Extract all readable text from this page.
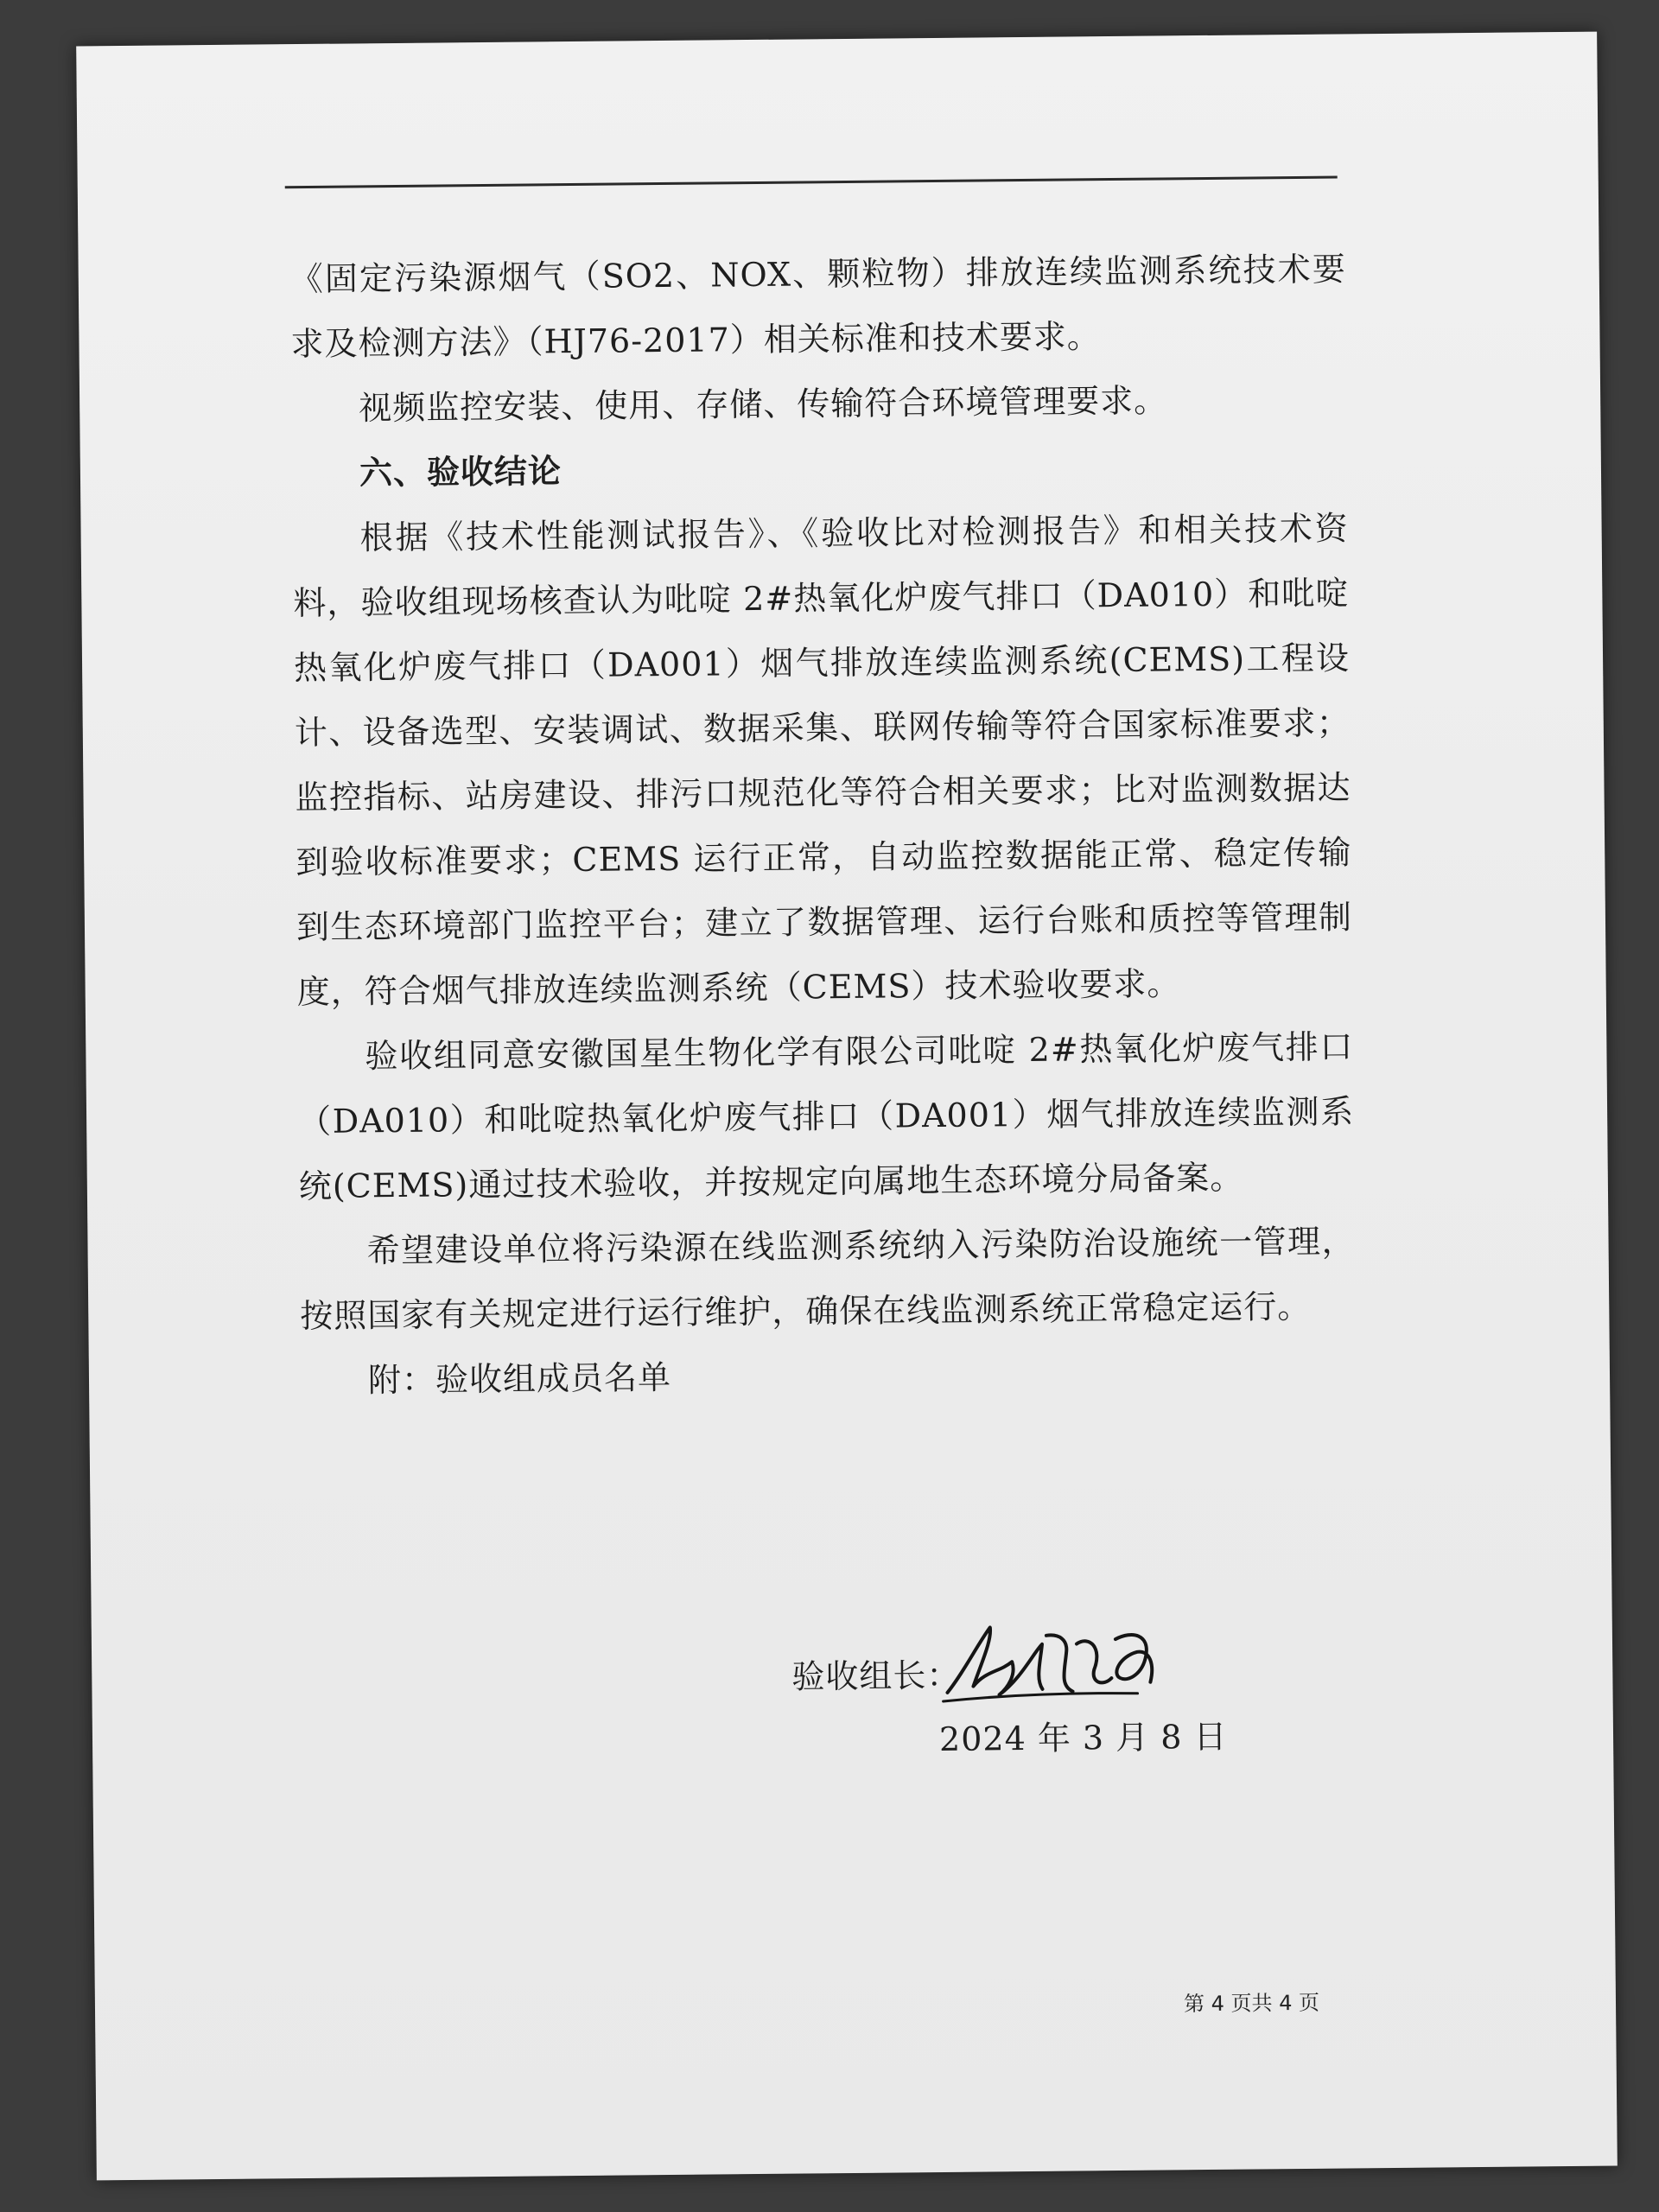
《固定污染源烟气（SO2、NOX、颗粒物）排放连续监测系统技术要求及检测方法》（HJ76-2017）相关标准和技术要求。

视频监控安装、使用、存储、传输符合环境管理要求。

六、验收结论

根据《技术性能测试报告》、《验收比对检测报告》和相关技术资料，验收组现场核查认为吡啶 2#热氧化炉废气排口（DA010）和吡啶热氧化炉废气排口（DA001）烟气排放连续监测系统(CEMS)工程设计、设备选型、安装调试、数据采集、联网传输等符合国家标准要求；监控指标、站房建设、排污口规范化等符合相关要求；比对监测数据达到验收标准要求；CEMS 运行正常，自动监控数据能正常、稳定传输到生态环境部门监控平台；建立了数据管理、运行台账和质控等管理制度，符合烟气排放连续监测系统（CEMS）技术验收要求。

验收组同意安徽国星生物化学有限公司吡啶 2#热氧化炉废气排口（DA010）和吡啶热氧化炉废气排口（DA001）烟气排放连续监测系统(CEMS)通过技术验收，并按规定向属地生态环境分局备案。

希望建设单位将污染源在线监测系统纳入污染防治设施统一管理，按照国家有关规定进行运行维护，确保在线监测系统正常稳定运行。

附：验收组成员名单

验收组长：
2024 年 3 月 8 日
第 4 页共 4 页
